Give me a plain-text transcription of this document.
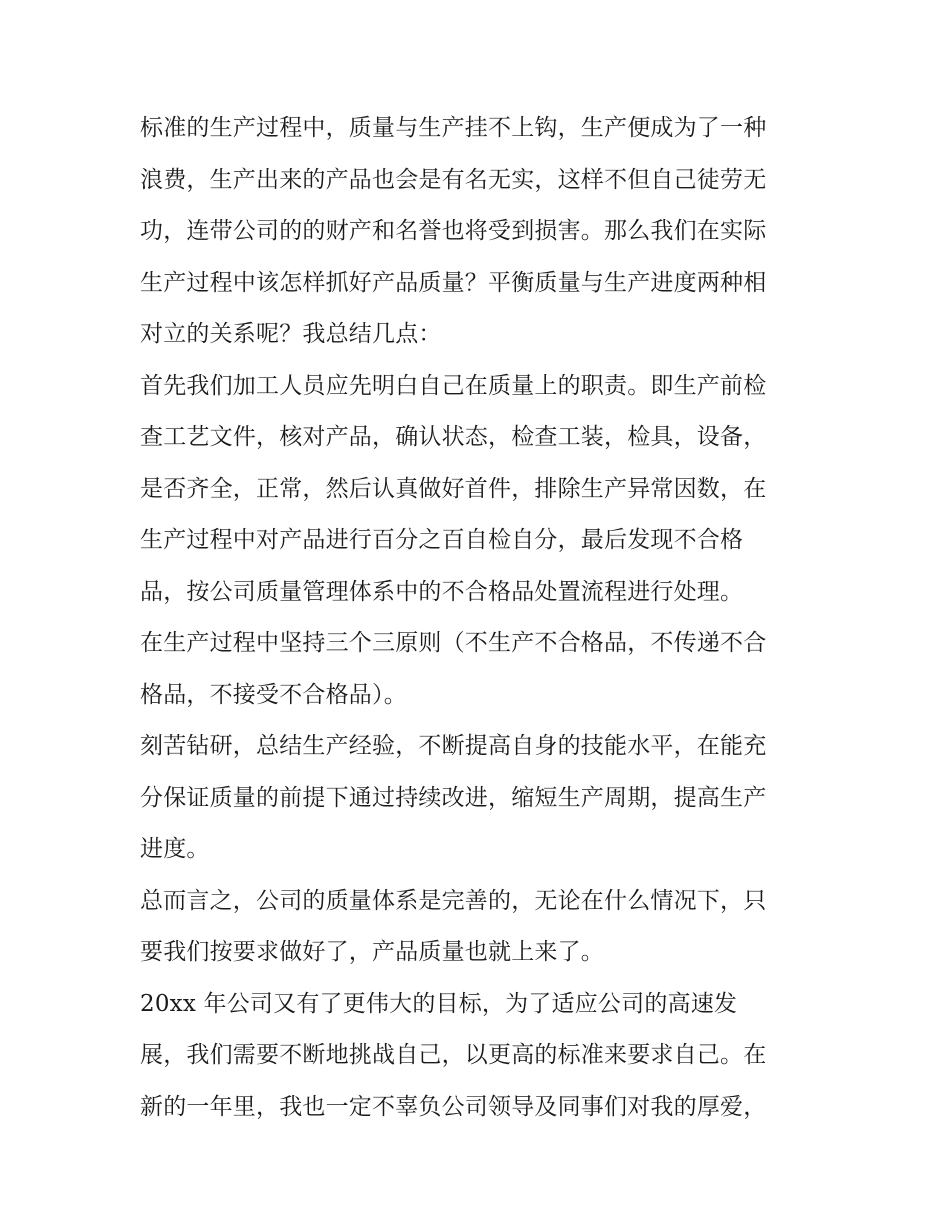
标准的生产过程中，质量与生产挂不上钩，生产便成为了一种
浪费，生产出来的产品也会是有名无实，这样不但自己徒劳无
功，连带公司的的财产和名誉也将受到损害。那么我们在实际
生产过程中该怎样抓好产品质量？平衡质量与生产进度两种相
对立的关系呢？我总结几点：
首先我们加工人员应先明白自己在质量上的职责。即生产前检
查工艺文件，核对产品，确认状态，检查工装，检具，设备，
是否齐全，正常，然后认真做好首件，排除生产异常因数，在
生产过程中对产品进行百分之百自检自分，最后发现不合格
品，按公司质量管理体系中的不合格品处置流程进行处理。
在生产过程中坚持三个三原则（不生产不合格品，不传递不合
格品，不接受不合格品）。
刻苦钻研，总结生产经验，不断提高自身的技能水平，在能充
分保证质量的前提下通过持续改进，缩短生产周期，提高生产
进度。
总而言之，公司的质量体系是完善的，无论在什么情况下，只
要我们按要求做好了，产品质量也就上来了。
20xx 年公司又有了更伟大的目标，为了适应公司的高速发
展，我们需要不断地挑战自己，以更高的标准来要求自己。在
新的一年里，我也一定不辜负公司领导及同事们对我的厚爱，
